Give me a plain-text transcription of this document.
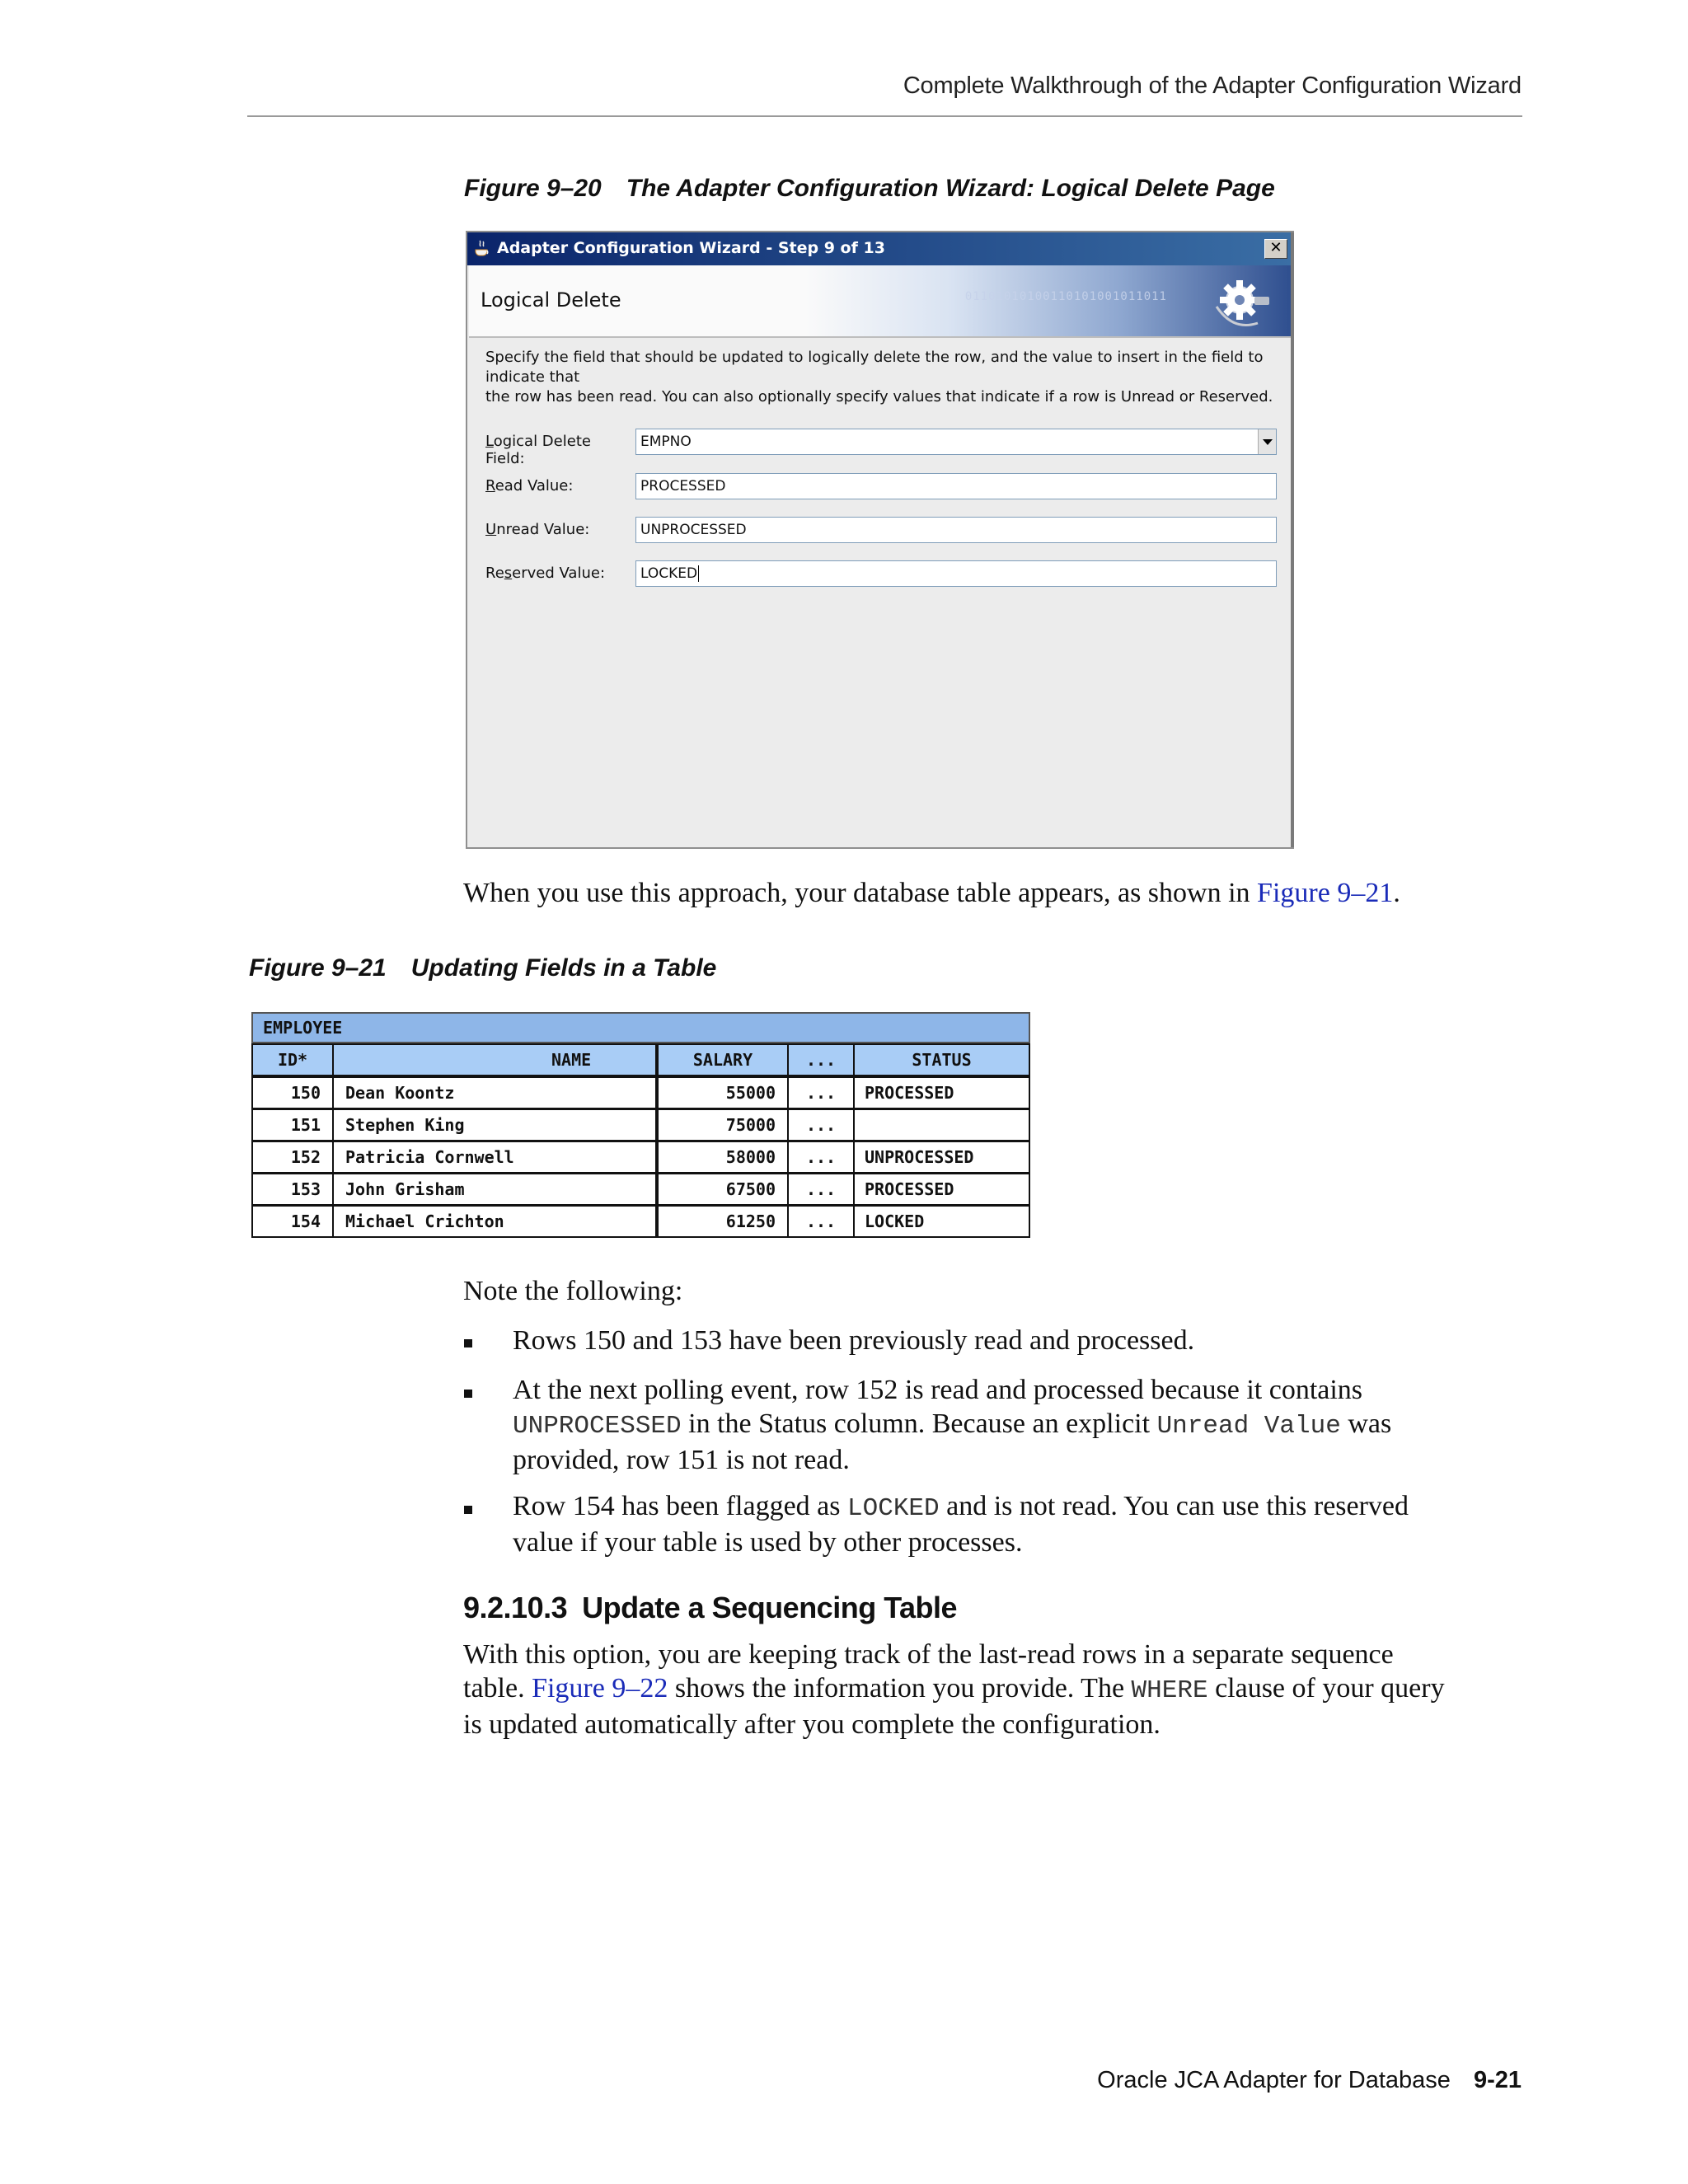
Complete Walkthrough of the Adapter Configuration Wizard
Figure 9–20 The Adapter Configuration Wizard: Logical Delete Page
Adapter Configuration Wizard - Step 9 of 13	✕
01101010100110101001011011
Logical Delete
Specify the field that should be updated to logically delete the row, and the value to insert in the field to indicate that
the row has been read. You can also optionally specify values that indicate if a row is Unread or Reserved.
Logical Delete Field:
EMPNO
Read Value:	PROCESSED
Unread Value:	UNPROCESSED
Reserved Value:	LOCKED
When you use this approach, your database table appears, as shown in Figure 9–21.
Figure 9–21 Updating Fields in a Table
EMPLOYEE
ID*	NAME	SALARY	...	STATUS
150	Dean Koontz	55000	...	PROCESSED
151	Stephen King	75000	...
152	Patricia Cornwell	58000	...	UNPROCESSED
153	John Grisham	67500	...	PROCESSED
154	Michael Crichton	61250	...	LOCKED
Note the following:
Rows 150 and 153 have been previously read and processed.
At the next polling event, row 152 is read and processed because it contains
UNPROCESSED in the Status column. Because an explicit Unread Value was
provided, row 151 is not read.
Row 154 has been flagged as LOCKED and is not read. You can use this reserved
value if your table is used by other processes.
9.2.10.3 Update a Sequencing Table
With this option, you are keeping track of the last-read rows in a separate sequence
table. Figure 9–22 shows the information you provide. The WHERE clause of your query
is updated automatically after you complete the configuration.
Oracle JCA Adapter for Database 9-21
